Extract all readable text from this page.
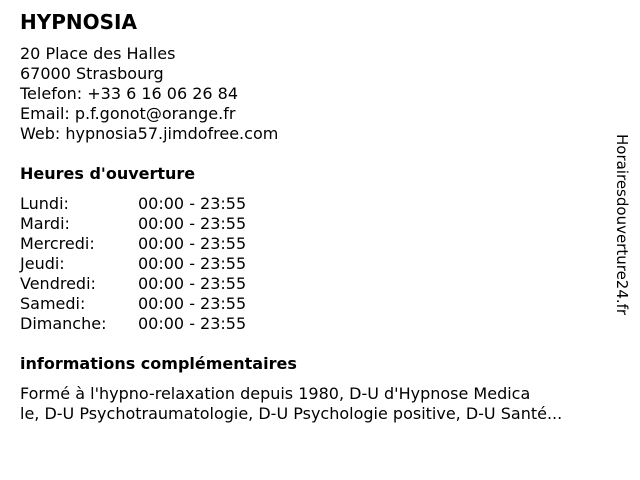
HYPNOSIA
20 Place des Halles
67000 Strasbourg
Telefon: +33 6 16 06 26 84
Email: p.f.gonot@orange.fr
Web: hypnosia57.jimdofree.com
Heures d'ouverture
Lundi:	00:00 - 23:55
Mardi:	00:00 - 23:55
Mercredi:	00:00 - 23:55
Jeudi:	00:00 - 23:55
Vendredi:	00:00 - 23:55
Samedi:	00:00 - 23:55
Dimanche: 00:00 - 23:55
informations complémentaires
Formé à l'hypno-relaxation depuis 1980, D-U d'Hypnose Medica
le, D-U Psychotraumatologie, D-U Psychologie positive, D-U Santé...
Horairesdouverture24.fr
